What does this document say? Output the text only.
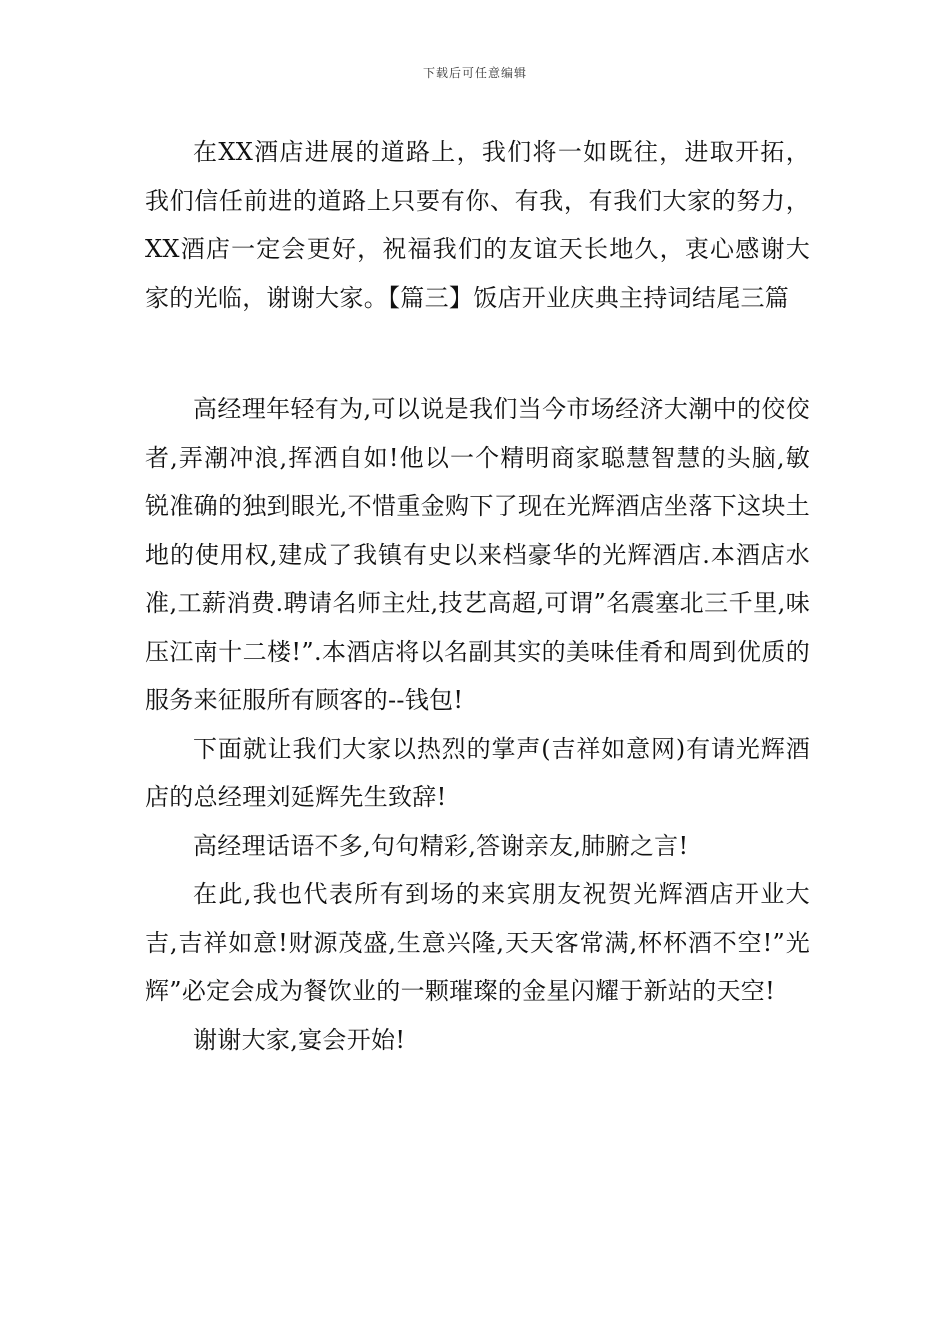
下载后可任意编辑

在XX酒店进展的道路上，我们将一如既往，进取开拓，我们信任前进的道路上只要有你、有我，有我们大家的努力，XX酒店一定会更好，祝福我们的友谊天长地久，衷心感谢大家的光临，谢谢大家。【篇三】饭店开业庆典主持词结尾三篇

高经理年轻有为,可以说是我们当今市场经济大潮中的佼佼者,弄潮冲浪,挥洒自如!他以一个精明商家聪慧智慧的头脑,敏锐准确的独到眼光,不惜重金购下了现在光辉酒店坐落下这块土地的使用权,建成了我镇有史以来档豪华的光辉酒店.本酒店水准,工薪消费.聘请名师主灶,技艺高超,可谓”名震塞北三千里,味压江南十二楼!”.本酒店将以名副其实的美味佳肴和周到优质的服务来征服所有顾客的--钱包!

下面就让我们大家以热烈的掌声(吉祥如意网)有请光辉酒店的总经理刘延辉先生致辞!

高经理话语不多,句句精彩,答谢亲友,肺腑之言!

在此,我也代表所有到场的来宾朋友祝贺光辉酒店开业大吉,吉祥如意!财源茂盛,生意兴隆,天天客常满,杯杯酒不空!”光辉”必定会成为餐饮业的一颗璀璨的金星闪耀于新站的天空!

谢谢大家,宴会开始!
